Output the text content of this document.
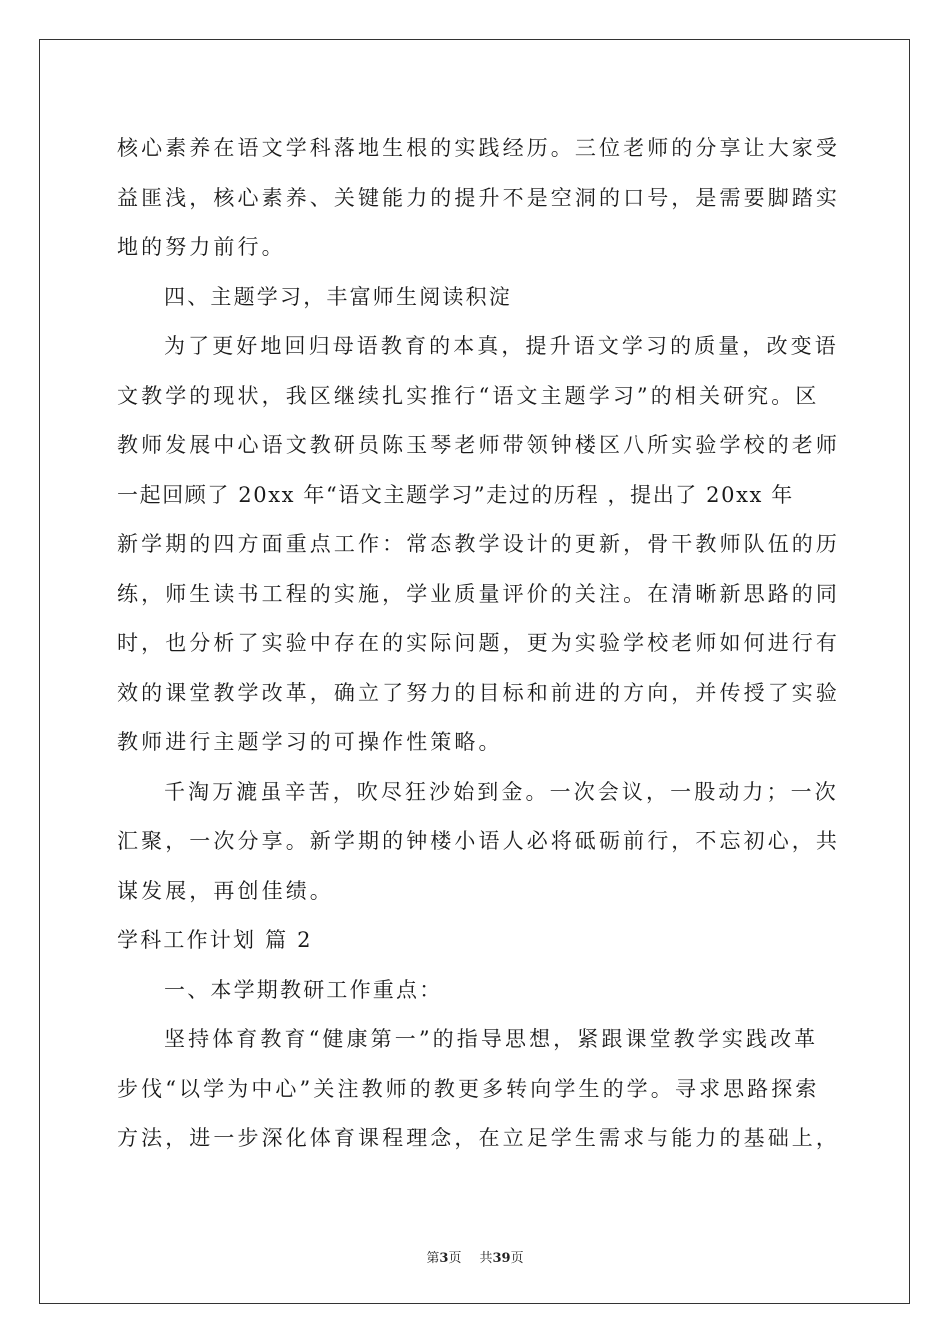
核心素养在语文学科落地生根的实践经历。三位老师的分享让大家受
益匪浅，核心素养、关键能力的提升不是空洞的口号，是需要脚踏实
地的努力前行。
四、主题学习，丰富师生阅读积淀
为了更好地回归母语教育的本真，提升语文学习的质量，改变语
文教学的现状，我区继续扎实推行“语文主题学习”的相关研究。区
教师发展中心语文教研员陈玉琴老师带领钟楼区八所实验学校的老师
一起回顾了 20xx 年“语文主题学习”走过的历程 ，提出了 20xx 年
新学期的四方面重点工作：常态教学设计的更新，骨干教师队伍的历
练，师生读书工程的实施，学业质量评价的关注。在清晰新思路的同
时，也分析了实验中存在的实际问题，更为实验学校老师如何进行有
效的课堂教学改革，确立了努力的目标和前进的方向，并传授了实验
教师进行主题学习的可操作性策略。
千淘万漉虽辛苦，吹尽狂沙始到金。一次会议，一股动力；一次
汇聚，一次分享。新学期的钟楼小语人必将砥砺前行，不忘初心，共
谋发展，再创佳绩。
学科工作计划 篇 2
一、本学期教研工作重点：
坚持体育教育“健康第一”的指导思想，紧跟课堂教学实践改革
步伐“以学为中心”关注教师的教更多转向学生的学。寻求思路探索
方法，进一步深化体育课程理念，在立足学生需求与能力的基础上，
第3页 共39页
